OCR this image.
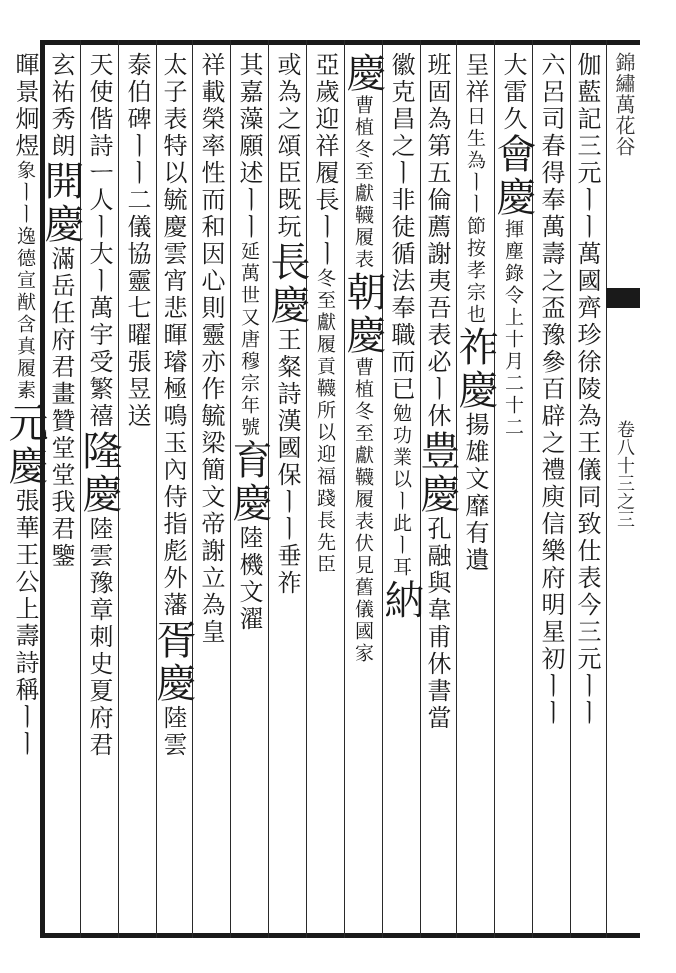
錦繡萬花谷
卷八十三之三
伽藍記三元ㅣㅣ萬國齊珍徐陵為王儀同致仕表今三元ㅣㅣ
六呂司春得奉萬壽之盃豫參百辟之禮庾信樂府明星初ㅣㅣ
大雷久會慶揮塵錄令上十月二十二
呈祥日生為ㅣㅣ節按孝宗也祚慶揚雄文靡有遺
班固為第五倫薦謝夷吾表必ㅣ休豊慶孔融與韋甫休書當
徽克昌之ㅣ非徒循法奉職而已勉功業以ㅣ此ㅣ耳納
慶曹植冬至獻韈履表朝慶曹植冬至獻韈履表伏見舊儀國家
亞歲迎祥履長ㅣㅣ冬至獻履貢韈所以迎福踐長先臣
或為之頌臣既玩長慶王粲詩漢國保ㅣㅣ垂祚
其嘉藻願述ㅣㅣ延萬世又唐穆宗年號育慶陸機文濯
祥載榮率性而和因心則靈亦作毓梁簡文帝謝立為皇
太子表特以毓慶雲宵悲暉璿極鳴玉內侍指彪外藩胥慶陸雲
泰伯碑ㅣㅣ二儀協靈七曜張昱送
天使偕詩ㅡ人ㅣ大ㅣ萬宇受繁禧隆慶陸雲豫章刺史夏府君
玄祐秀朗開慶滿岳任府君畫贊堂堂我君鑒
暉景炯煜象ㅣㅣ逸德宣猷含真履素元慶張華王公上壽詩稱ㅣㅣ
